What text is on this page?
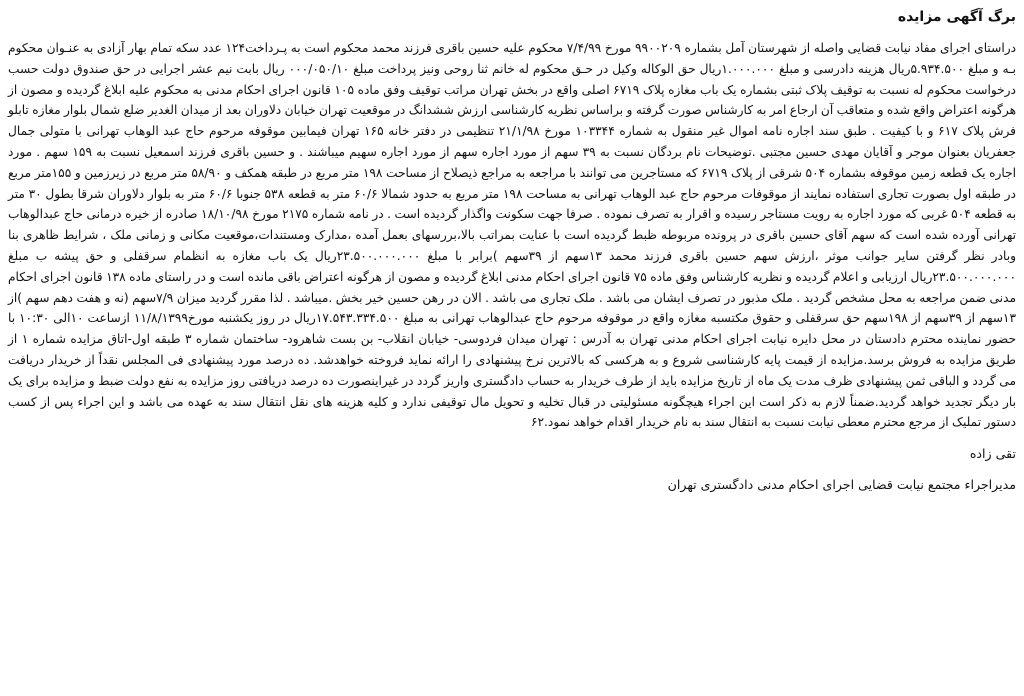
برگ آگهی مزایده

دراستای اجرای مفاد نیابت قضایی واصله از شهرستان آمل بشماره ۹۹۰۰۲۰۹ مورخ ۷/۴/۹۹ محکوم علیه حسین باقری فرزند محمد محکوم است به پـرداخت۱۲۴ عدد سکه تمام بهار آزادی به عنـوان محکوم بـه و مبلغ ۵.۹۳۴.۵۰۰ریال هزینه دادرسی و مبلغ ۱.۰۰۰.۰۰۰ریال حق الوکاله وکیل در حـق محکوم له خانم ثنا روحی ونیز پرداخت مبلغ ۰۰۰/۰۵۰/۱۰ ریال بابت نیم عشر اجرایی در حق صندوق دولت حسب درخواست محکوم له نسبت به توقیف پلاک ثبتی بشماره یک باب مغازه پلاک ۶۷۱۹ اصلی واقع در بخش تهران مراتب توقیف وفق ماده ۱۰۵ قانون اجرای احکام مدنی به محکوم علیه ابلاغ گردیده و مصون از هرگونه اعتراض واقع شده و متعاقب آن ارجاع امر به کارشناس صورت گرفته و براساس نظریه کارشناسی ارزش ششدانگ در موقعیت تهران خیابان دلاوران بعد از میدان الغدیر ضلع شمال بلوار مغازه تابلو فرش پلاک ۶۱۷ و با کیفیت . طبق سند اجاره نامه اموال غیر منقول به شماره ۱۰۳۳۴۴ مورخ ۲۱/۱/۹۸ تنظیمی در دفتر خانه ۱۶۵ تهران فیمابین موقوفه مرحوم حاج عبد الوهاب تهرانی با متولی جمال جعفریان بعنوان موجر و آقایان مهدی حسین مجتبی .توضیحات نام بردگان نسبت به ۳۹ سهم از مورد اجاره سهم از مورد اجاره سهیم میباشند . و حسین باقری فرزند اسمعیل نسبت به ۱۵۹ سهم . مورد اجاره یک قطعه زمین موقوفه بشماره ۵۰۴ شرقی از پلاک ۶۷۱۹ که مستاجرین می توانند با مراجعه به مراجع ذیصلاح از مساحت ۱۹۸ متر مربع در طبقه همکف و ۵۸/۹۰ متر مربع در زیرزمین و ۱۵۵متر مربع در طبقه اول بصورت تجاری استفاده نمایند از موقوفات مرحوم حاج عبد الوهاب تهرانی به مساحت ۱۹۸ متر مربع به حدود شمالا ۶۰/۶ متر به قطعه ۵۳۸ جنوبا ۶۰/۶ متر به بلوار دلاوران شرقا بطول ۳۰ متر به قطعه ۵۰۴ غربی که مورد اجاره به رویت مستاجر رسیده و اقرار به تصرف نموده . صرفا جهت سکونت واگذار گردیده است . در نامه شماره ۲۱۷۵ مورخ ۱۸/۱۰/۹۸ صادره از خیره درمانی حاج عبدالوهاب تهرانی آورده شده است که سهم آقای حسین باقری در پرونده مربوطه ظبط گردیده است با عنایت بمراتب بالا،بررسهای بعمل آمده ،مدارک ومستندات،موقعیت مکانی و زمانی ملک ، شرایط ظاهری بنا وبادر نظر گرفتن سایر جوانب موثر ،ارزش سهم حسین باقری فرزند محمد ۱۳سهم از ۳۹سهم )برابر با مبلغ ۲۳.۵۰۰.۰۰۰.۰۰۰ریال یک باب مغازه به انظمام سرقفلی و حق پیشه ب مبلغ ۲۳.۵۰۰.۰۰۰.۰۰۰ریال ارزیابی و اعلام گردیده و نظریه کارشناس وفق ماده ۷۵ قانون اجرای احکام مدنی ابلاغ گردیده و مصون از هرگونه اعتراض باقی مانده است و در راستای ماده ۱۳۸ قانون اجرای احکام مدنی ضمن مراجعه به محل مشخص گردید . ملک مذبور در تصرف ایشان می باشد . ملک تجاری می باشد . الان در رهن حسین خیر بخش .میباشد . لذا مقرر گردید میزان ۷/۹سهم (نه و هفت دهم سهم )از ۱۳سهم از ۳۹سهم از ۱۹۸سهم حق سرقفلی و حقوق مکتسبه مغازه واقع در موقوفه مرحوم حاج عبدالوهاب تهرانی به مبلغ ۱۷.۵۴۳.۳۳۴.۵۰۰ریال در روز یکشنبه مورخ۱۱/۸/۱۳۹۹ ازساعت ۱۰الی ۱۰:۳۰ با حضور نماینده محترم دادستان در محل دایره نیابت اجرای احکام مدنی تهران به آدرس : تهران میدان فردوسی- خیابان انقلاب- بن بست شاهرود- ساختمان شماره ۳ طبقه اول-اتاق مزایده شماره ۱ از طریق مزایده به فروش برسد.مزایده از قیمت پایه کارشناسی شروع و به هرکسی که بالاترین نرخ پیشنهادی را ارائه نماید فروخته خواهدشد. ده درصد مورد پیشنهادی فی المجلس نقداً از خریدار دریافت می گردد و الباقی ثمن پیشنهادی ظرف مدت یک ماه از تاریخ مزایده باید از طرف خریدار به حساب دادگستری واریز گردد در غیراینصورت ده درصد دریافتی روز مزایده به نفع دولت ضبط و مزایده برای یک بار دیگر تجدید خواهد گردید.ضمناً لازم به ذکر است این اجراء هیچگونه مسئولیتی در قبال تخلیه و تحویل مال توقیفی ندارد و کلیه هزینه های نقل انتقال سند به عهده می باشد و این اجراء پس از کسب دستور تملیک از مرجع محترم معطی نیابت نسبت به انتقال سند به نام خریدار اقدام خواهد نمود.۶۲

تقی زاده
مدیراجراء مجتمع نیابت قضایی اجرای احکام مدنی دادگستری تهران
